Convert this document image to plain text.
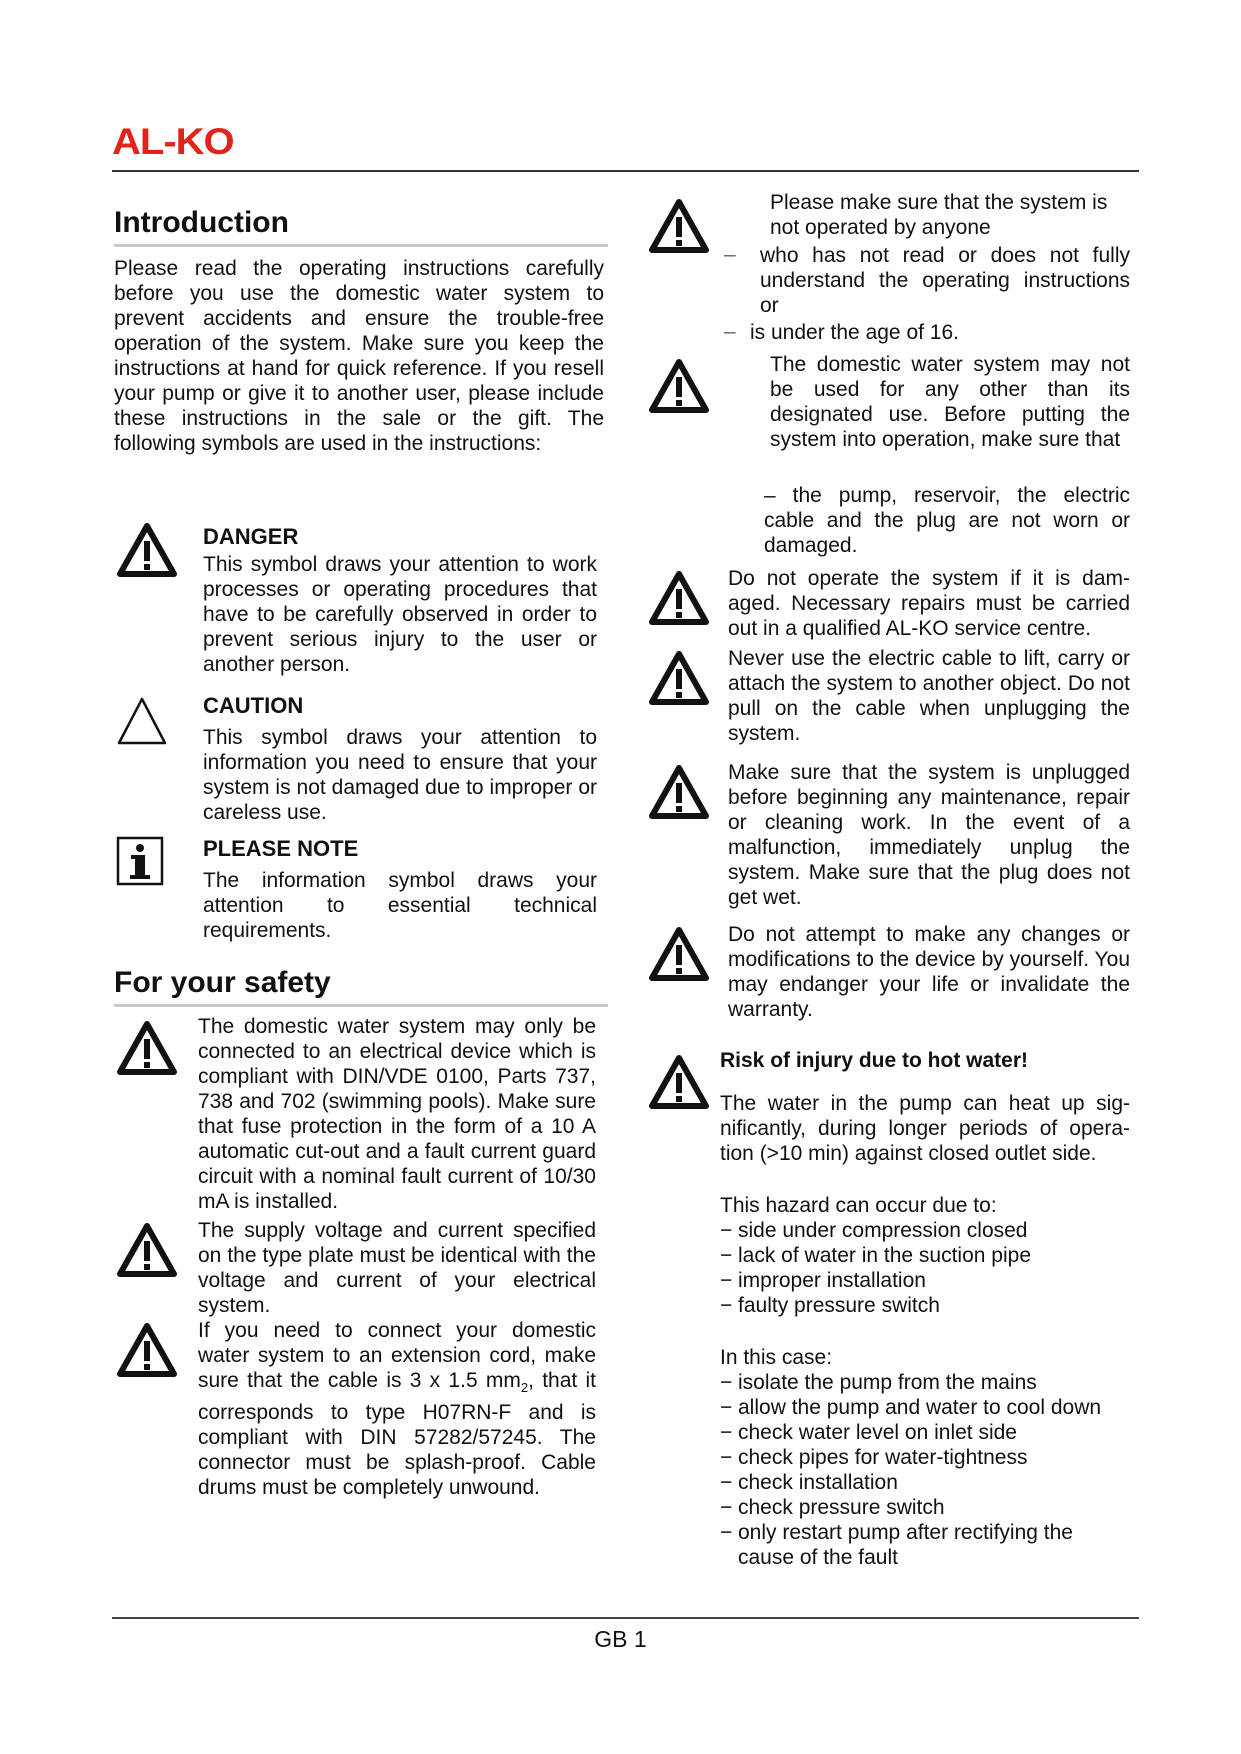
AL-KO
Introduction

Please read the operating instructions carefully before you use the domestic water system to prevent accidents and ensure the trouble-free operation of the system. Make sure you keep the instructions at hand for quick reference. If you resell your pump or give it to another user, please include these instructions in the sale or the gift. The following symbols are used in the instructions:

DANGER

This symbol draws your attention to work processes or operating procedures that have to be carefully observed in order to prevent serious injury to the user or another person.

CAUTION

This symbol draws your attention to information you need to ensure that your system is not damaged due to improper or careless use.

PLEASE NOTE

The information symbol draws your attention to essential technical requirements.

For your safety

The domestic water system may only be connected to an electrical device which is compliant with DIN/VDE 0100, Parts 737, 738 and 702 (swimming pools). Make sure that fuse protection in the form of a 10 A automatic cut-out and a fault current guard circuit with a nominal fault current of 10/30 mA is installed.

The supply voltage and current specified on the type plate must be identical with the voltage and current of your electrical system.

If you need to connect your domestic water system to an extension cord, make sure that the cable is 3 x 1.5 $mm_2$, that it corresponds to type H07RN-F and is compliant with DIN 57282/57245. The connector must be splash-proof. Cable drums must be completely unwound.

Please make sure that the system is not operated by anyone

– who has not read or does not fully understand the operating instructions or

– is under the age of 16.

The domestic water system may not be used for any other than its designated use. Before putting the system into operation, make sure that

– the pump, reservoir, the electric cable and the plug are not worn or damaged.

Do not operate the system if it is dam-aged. Necessary repairs must be carried out in a qualified AL-KO service centre.

Never use the electric cable to lift, carry or attach the system to another object. Do not pull on the cable when unplugging the system.

Make sure that the system is unplugged before beginning any maintenance, repair or cleaning work. In the event of a malfunction, immediately unplug the system. Make sure that the plug does not get wet.

Do not attempt to make any changes or modifications to the device by yourself. You may endanger your life or invalidate the warranty.

Risk of injury due to hot water!

The water in the pump can heat up sig-nificantly, during longer periods of opera-tion (>10 min) against closed outlet side.

This hazard can occur due to:

− side under compression closed
− lack of water in the suction pipe
− improper installation
− faulty pressure switch

In this case:

− isolate the pump from the mains
− allow the pump and water to cool down
− check water level on inlet side
− check pipes for water-tightness
− check installation
− check pressure switch
− only restart pump after rectifying the cause of the fault
GB 1
